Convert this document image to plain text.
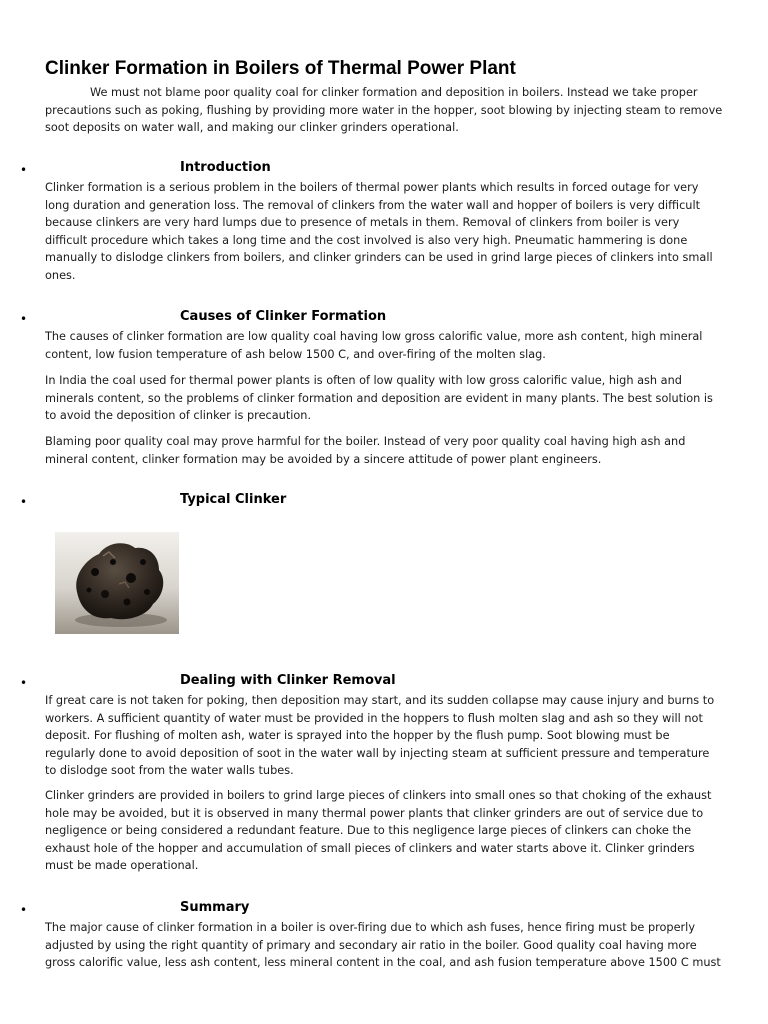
Clinker Formation in Boilers of Thermal Power Plant

We must not blame poor quality coal for clinker formation and deposition in boilers. Instead we take proper precautions such as poking, flushing by providing more water in the hopper, soot blowing by injecting steam to remove soot deposits on water wall, and making our clinker grinders operational.

•	Introduction

Clinker formation is a serious problem in the boilers of thermal power plants which results in forced outage for very long duration and generation loss. The removal of clinkers from the water wall and hopper of boilers is very difficult because clinkers are very hard lumps due to presence of metals in them. Removal of clinkers from boiler is very difficult procedure which takes a long time and the cost involved is also very high. Pneumatic hammering is done manually to dislodge clinkers from boilers, and clinker grinders can be used in grind large pieces of clinkers into small ones.

•	Causes of Clinker Formation

The causes of clinker formation are low quality coal having low gross calorific value, more ash content, high mineral content, low fusion temperature of ash below 1500 C, and over-firing of the molten slag.

In India the coal used for thermal power plants is often of low quality with low gross calorific value, high ash and minerals content, so the problems of clinker formation and deposition are evident in many plants. The best solution is to avoid the deposition of clinker is precaution.

Blaming poor quality coal may prove harmful for the boiler. Instead of very poor quality coal having high ash and mineral content, clinker formation may be avoided by a sincere attitude of power plant engineers.

•	Typical Clinker
•	Dealing with Clinker Removal

If great care is not taken for poking, then deposition may start, and its sudden collapse may cause injury and burns to workers. A sufficient quantity of water must be provided in the hoppers to flush molten slag and ash so they will not deposit. For flushing of molten ash, water is sprayed into the hopper by the flush pump. Soot blowing must be regularly done to avoid deposition of soot in the water wall by injecting steam at sufficient pressure and temperature to dislodge soot from the water walls tubes.

Clinker grinders are provided in boilers to grind large pieces of clinkers into small ones so that choking of the exhaust hole may be avoided, but it is observed in many thermal power plants that clinker grinders are out of service due to negligence or being considered a redundant feature. Due to this negligence large pieces of clinkers can choke the exhaust hole of the hopper and accumulation of small pieces of clinkers and water starts above it. Clinker grinders must be made operational.

•	Summary

The major cause of clinker formation in a boiler is over-firing due to which ash fuses, hence firing must be properly adjusted by using the right quantity of primary and secondary air ratio in the boiler. Good quality coal having more gross calorific value, less ash content, less mineral content in the coal, and ash fusion temperature above 1500 C must
